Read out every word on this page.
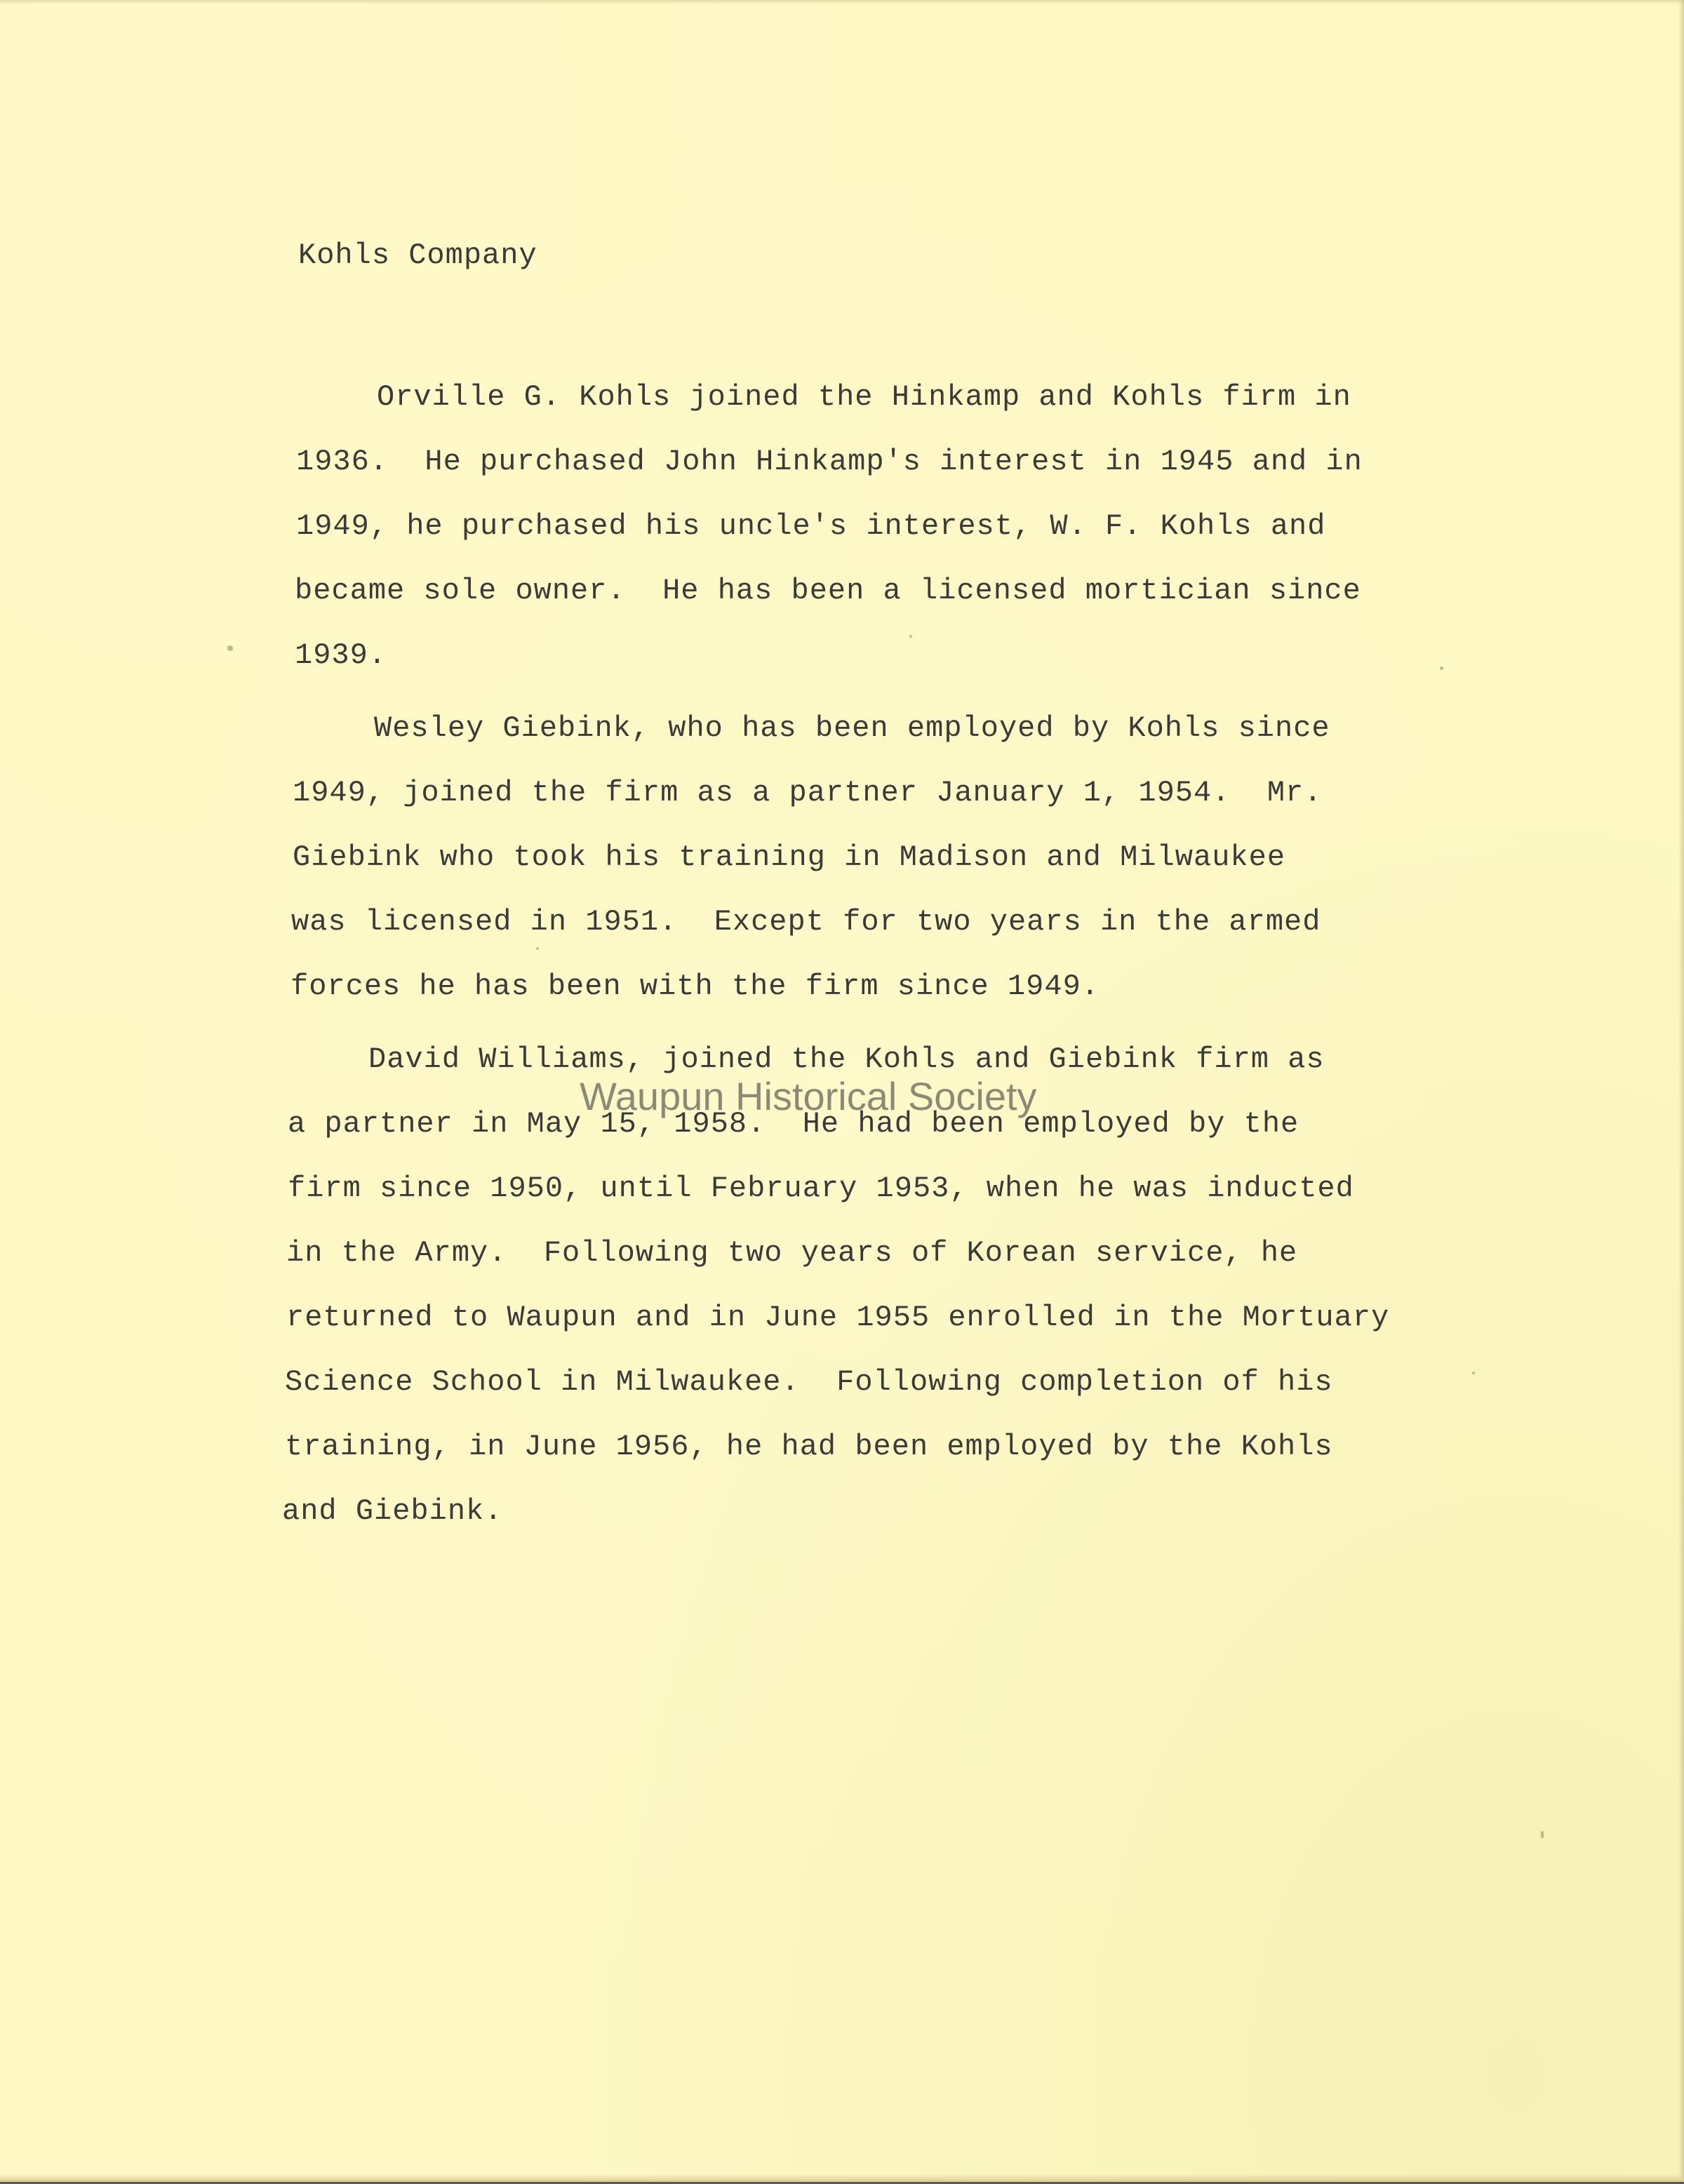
Kohls Company
Orville G. Kohls joined the Hinkamp and Kohls firm in
1936.  He purchased John Hinkamp's interest in 1945 and in
1949, he purchased his uncle's interest, W. F. Kohls and
became sole owner.  He has been a licensed mortician since
1939.
Wesley Giebink, who has been employed by Kohls since
1949, joined the firm as a partner January 1, 1954.  Mr.
Giebink who took his training in Madison and Milwaukee
was licensed in 1951.  Except for two years in the armed
forces he has been with the firm since 1949.
David Williams, joined the Kohls and Giebink firm as
a partner in May 15, 1958.  He had been employed by the
firm since 1950, until February 1953, when he was inducted
in the Army.  Following two years of Korean service, he
returned to Waupun and in June 1955 enrolled in the Mortuary
Science School in Milwaukee.  Following completion of his
training, in June 1956, he had been employed by the Kohls
and Giebink.
Waupun Historical Society
